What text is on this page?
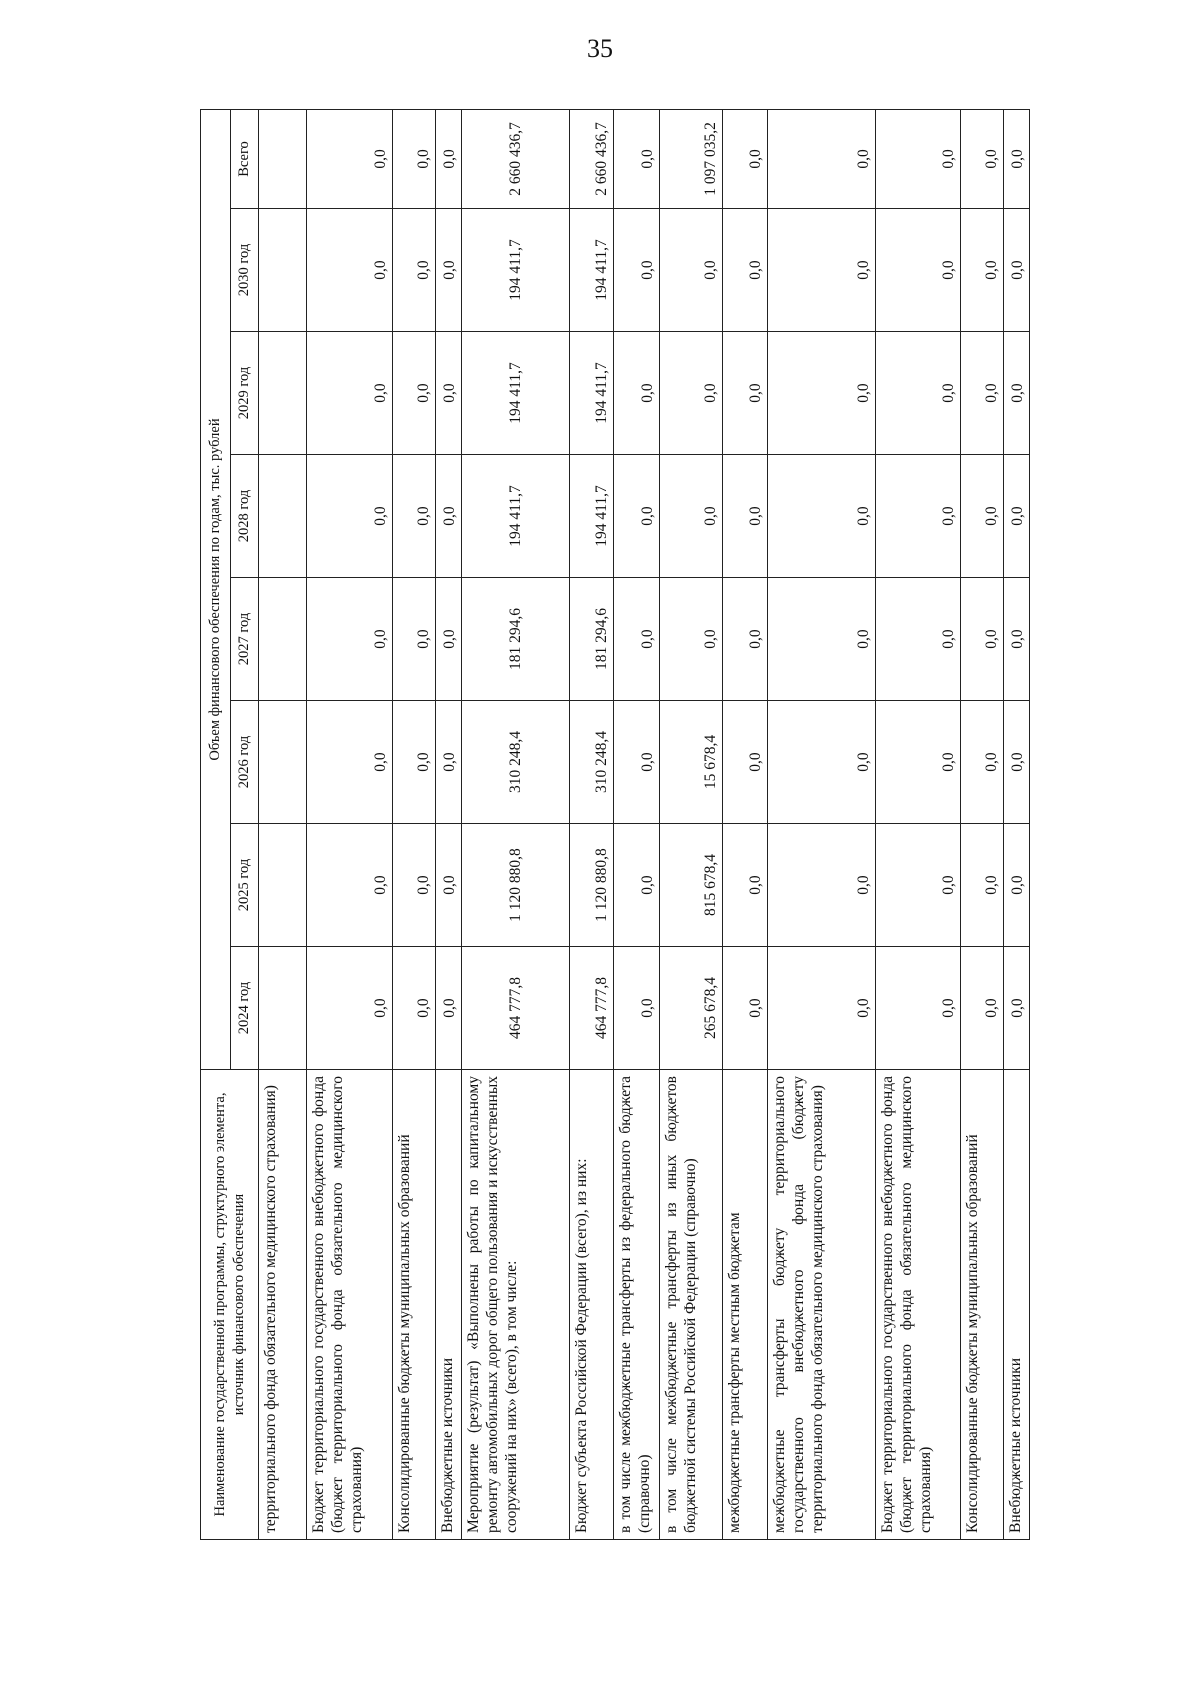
35
Наименование государственной программы, структурного элемента, источник финансового обеспечения	Объем финансового обеспечения по годам, тыс. рублей							
	2024 год	2025 год	2026 год	2027 год	2028 год	2029 год	2030 год	Всего
территориального фонда обязательного медицинского страхования)								
Бюджет территориального государственного внебюджетного фонда (бюджет территориального фонда обязательного медицинского страхования)	0,0	0,0	0,0	0,0	0,0	0,0	0,0	0,0
Консолидированные бюджеты муниципальных образований	0,0	0,0	0,0	0,0	0,0	0,0	0,0	0,0
Внебюджетные источники	0,0	0,0	0,0	0,0	0,0	0,0	0,0	0,0
Мероприятие (результат) «Выполнены работы по капитальному ремонту автомобильных дорог общего пользования и искусственных сооружений на них» (всего), в том числе:	464 777,8	1 120 880,8	310 248,4	181 294,6	194 411,7	194 411,7	194 411,7	2 660 436,7
Бюджет субъекта Российской Федерации (всего), из них:	464 777,8	1 120 880,8	310 248,4	181 294,6	194 411,7	194 411,7	194 411,7	2 660 436,7
в том числе межбюджетные трансферты из федерального бюджета (справочно)	0,0	0,0	0,0	0,0	0,0	0,0	0,0	0,0
в том числе межбюджетные трансферты из иных бюджетов бюджетной системы Российской Федерации (справочно)	265 678,4	815 678,4	15 678,4	0,0	0,0	0,0	0,0	1 097 035,2
межбюджетные трансферты местным бюджетам	0,0	0,0	0,0	0,0	0,0	0,0	0,0	0,0
межбюджетные трансферты бюджету территориального государственного внебюджетного фонда (бюджету территориального фонда обязательного медицинского страхования)	0,0	0,0	0,0	0,0	0,0	0,0	0,0	0,0
Бюджет территориального государственного внебюджетного фонда (бюджет территориального фонда обязательного медицинского страхования)	0,0	0,0	0,0	0,0	0,0	0,0	0,0	0,0
Консолидированные бюджеты муниципальных образований	0,0	0,0	0,0	0,0	0,0	0,0	0,0	0,0
Внебюджетные источники	0,0	0,0	0,0	0,0	0,0	0,0	0,0	0,0
